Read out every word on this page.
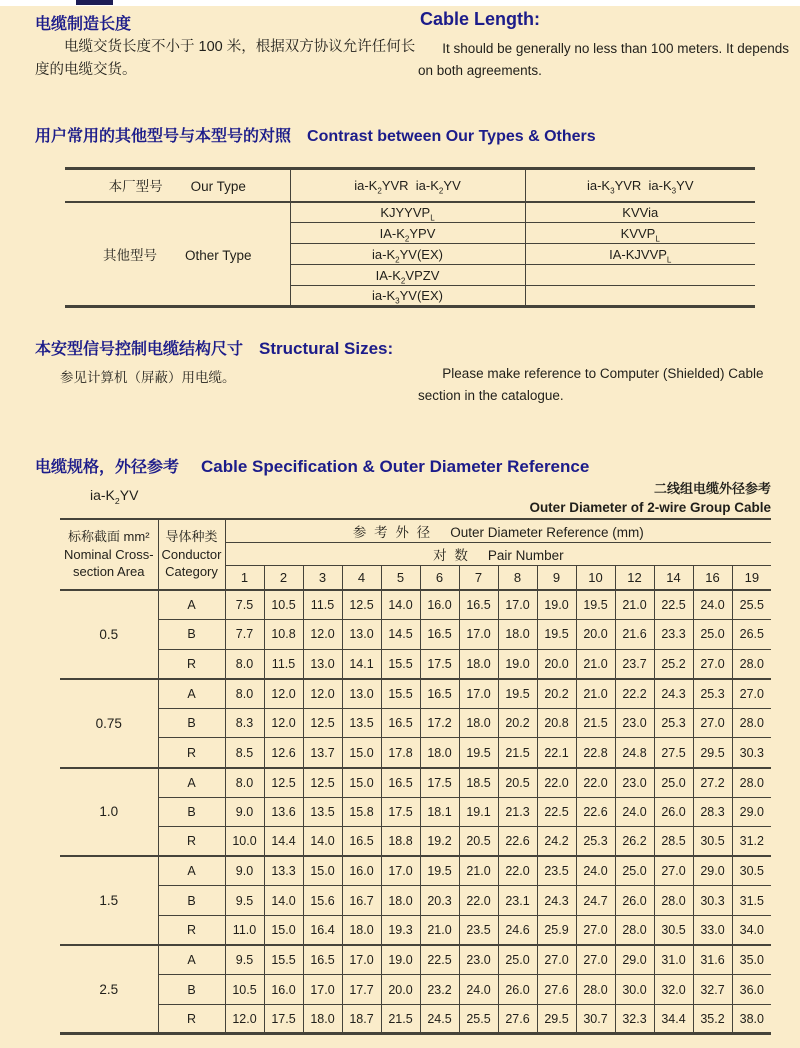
电缆制造长度
电缆交货长度不小于 100 米，根据双方协议允许任何长度的电缆交货。
Cable Length:
It should be generally no less than 100 meters. It depends on both agreements.
用户常用的其他型号与本型号的对照 Contrast between Our Types & Others
本厂型号 Our Type	$ia-K_2YVR$  $ia-K_2YV$	$ia-K_3YVR$  $ia-K_3YV$
其他型号 Other Type	$KJYYVP_L$	KVVia
	$IA-K_2YPV$	$KVVP_L$
	$ia-K_2YV(EX)$	$IA-KJVVP_L$
	$IA-K_2VPZV$	
	$ia-K_3YV(EX)$	
本安型信号控制电缆结构尺寸 Structural Sizes:
参见计算机（屏蔽）用电缆。	Please make reference to Computer (Shielded) Cable section in the catalogue.
电缆规格，外径参考 Cable Specification & Outer Diameter Reference
$ia-K_2YV$	二线组电缆外径参考
Outer Diameter of 2-wire Group Cable
标称截面 mm²
Nominal Cross-
section Area

导体种类
Conductor
Category
	参 考 外 径 Outer Diameter Reference (mm)
		对 数 Pair Number													
		1	2	3	4	5	6	7	8	9	10	12	14	16	19
0.5	A	7.5	10.5	11.5	12.5	14.0	16.0	16.5	17.0	19.0	19.5	21.0	22.5	24.0	25.5
	B	7.7	10.8	12.0	13.0	14.5	16.5	17.0	18.0	19.5	20.0	21.6	23.3	25.0	26.5
	R	8.0	11.5	13.0	14.1	15.5	17.5	18.0	19.0	20.0	21.0	23.7	25.2	27.0	28.0
0.75	A	8.0	12.0	12.0	13.0	15.5	16.5	17.0	19.5	20.2	21.0	22.2	24.3	25.3	27.0
	B	8.3	12.0	12.5	13.5	16.5	17.2	18.0	20.2	20.8	21.5	23.0	25.3	27.0	28.0
	R	8.5	12.6	13.7	15.0	17.8	18.0	19.5	21.5	22.1	22.8	24.8	27.5	29.5	30.3
1.0	A	8.0	12.5	12.5	15.0	16.5	17.5	18.5	20.5	22.0	22.0	23.0	25.0	27.2	28.0
	B	9.0	13.6	13.5	15.8	17.5	18.1	19.1	21.3	22.5	22.6	24.0	26.0	28.3	29.0
	R	10.0	14.4	14.0	16.5	18.8	19.2	20.5	22.6	24.2	25.3	26.2	28.5	30.5	31.2
1.5	A	9.0	13.3	15.0	16.0	17.0	19.5	21.0	22.0	23.5	24.0	25.0	27.0	29.0	30.5
	B	9.5	14.0	15.6	16.7	18.0	20.3	22.0	23.1	24.3	24.7	26.0	28.0	30.3	31.5
	R	11.0	15.0	16.4	18.0	19.3	21.0	23.5	24.6	25.9	27.0	28.0	30.5	33.0	34.0
2.5	A	9.5	15.5	16.5	17.0	19.0	22.5	23.0	25.0	27.0	27.0	29.0	31.0	31.6	35.0
	B	10.5	16.0	17.0	17.7	20.0	23.2	24.0	26.0	27.6	28.0	30.0	32.0	32.7	36.0
	R	12.0	17.5	18.0	18.7	21.5	24.5	25.5	27.6	29.5	30.7	32.3	34.4	35.2	38.0
